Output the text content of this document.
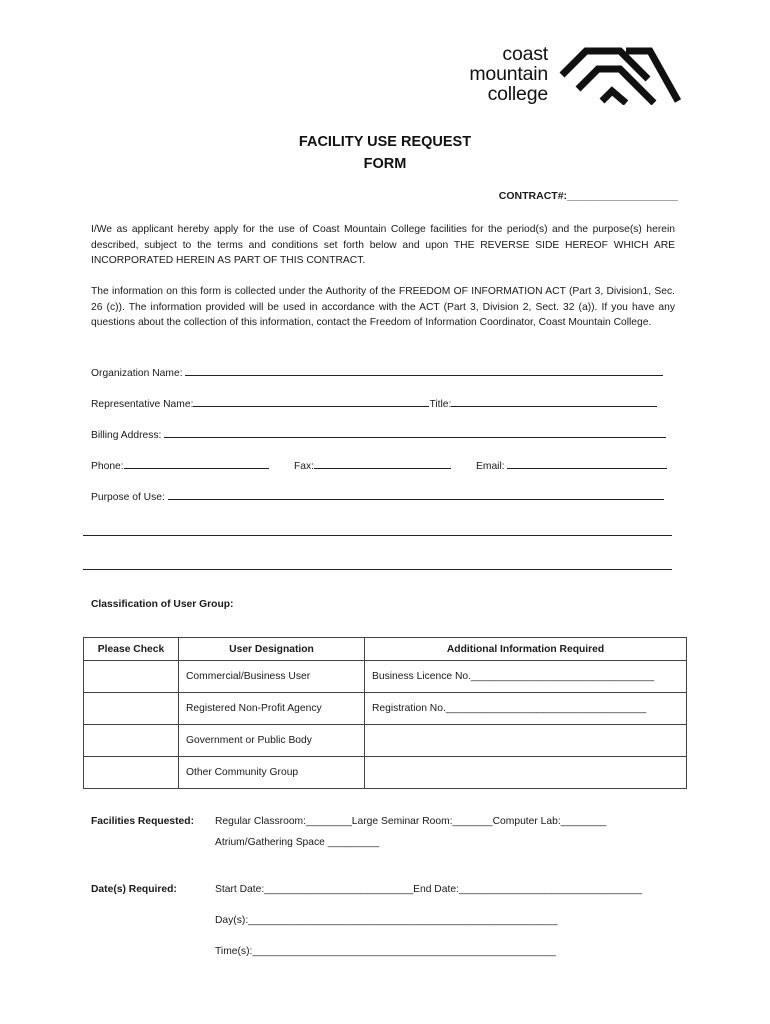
coast
mountain
college
FACILITY USE REQUEST
FORM
CONTRACT#:___________________
I/We as applicant hereby apply for the use of Coast Mountain College facilities for the period(s) and the purpose(s) herein described, subject to the terms and conditions set forth below and upon THE REVERSE SIDE HEREOF WHICH ARE INCORPORATED HEREIN AS PART OF THIS CONTRACT.
The information on this form is collected under the Authority of the FREEDOM OF INFORMATION ACT (Part 3, Division1, Sec. 26 (c)). The information provided will be used in accordance with the ACT (Part 3, Division 2, Sect. 32 (a)). If you have any questions about the collection of this information, contact the Freedom of Information Coordinator, Coast Mountain College.
Organization Name:
Representative Name:	Title:
Billing Address:
Phone:	Fax:	Email:
Purpose of Use:
Classification of User Group:
Please Check	User Designation	Additional Information Required
	Commercial/Business User	Business Licence No.________________________________
	Registered Non-Profit Agency	Registration No.___________________________________
	Government or Public Body	
	Other Community Group	
Facilities Requested: Regular Classroom:________Large Seminar Room:_______Computer Lab:________
Atrium/Gathering Space _________
Date(s) Required:	Start Date:__________________________End Date:________________________________
Day(s):______________________________________________________
Time(s):_____________________________________________________
